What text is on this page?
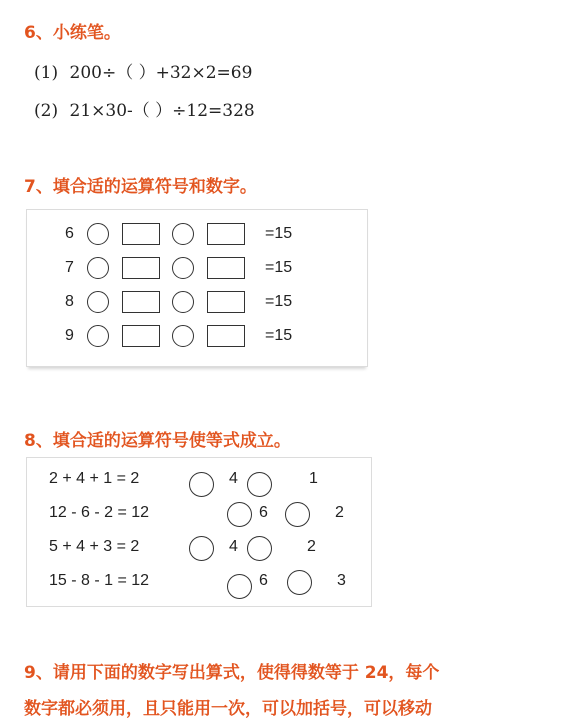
6、小练笔。
(1) 200÷（ ）+32×2=69
(2) 21×30-（ ）÷12=328
7、填合适的运算符号和数字。
6	=15
7	=15
8	=15
9	=15
8、填合适的运算符号使等式成立。
2 + 4 + 1 = 2	4	1
12 - 6 - 2 = 12	6	2
5 + 4 + 3 = 2	4	2
15 - 8 - 1 = 12	6	3
9、请用下面的数字写出算式，使得得数等于 24，每个
数字都必须用，且只能用一次，可以加括号，可以移动
